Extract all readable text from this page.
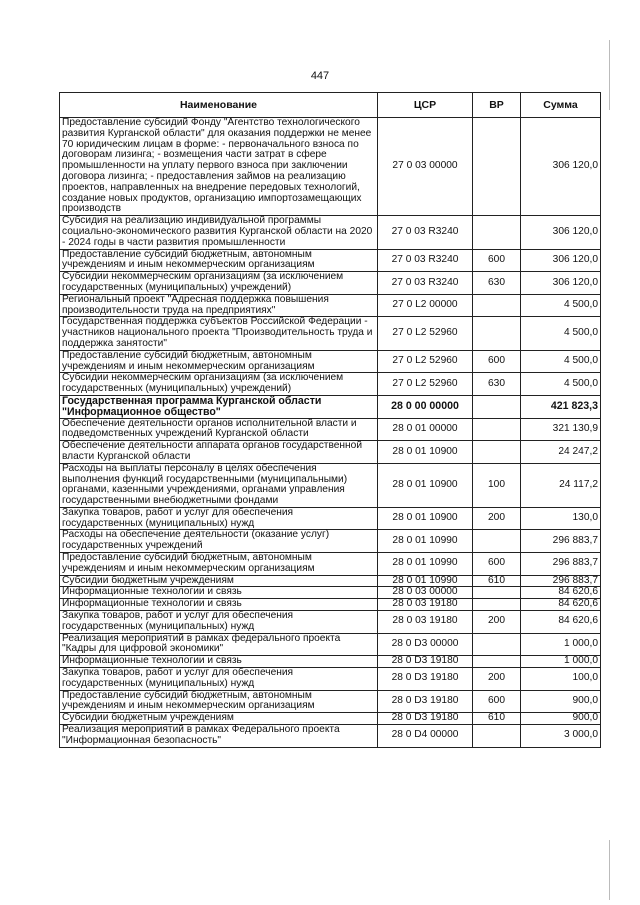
447
Наименование	ЦСР	ВР	Сумма
Предоставление субсидий Фонду "Агентство технологического развития Курганской области" для оказания поддержки не менее 70 юридическим лицам в форме: - первоначального взноса по договорам лизинга; - возмещения части затрат в сфере промышленности на уплату первого взноса при заключении договора лизинга; - предоставления займов на реализацию проектов, направленных на внедрение передовых технологий, создание новых продуктов, организацию импортозамещающих производств	27 0 03 00000		306 120,0
Субсидия на реализацию индивидуальной программы социально-экономического развития Курганской области на 2020 - 2024 годы в части развития промышленности	27 0 03 R3240		306 120,0
Предоставление субсидий бюджетным, автономным учреждениям и иным некоммерческим организациям	27 0 03 R3240	600	306 120,0
Субсидии некоммерческим организациям (за исключением государственных (муниципальных) учреждений)	27 0 03 R3240	630	306 120,0
Региональный проект "Адресная поддержка повышения производительности труда на предприятиях"	27 0 L2 00000		4 500,0
Государственная поддержка субъектов Российской Федерации - участников национального проекта "Производительность труда и поддержка занятости"	27 0 L2 52960		4 500,0
Предоставление субсидий бюджетным, автономным учреждениям и иным некоммерческим организациям	27 0 L2 52960	600	4 500,0
Субсидии некоммерческим организациям (за исключением государственных (муниципальных) учреждений)	27 0 L2 52960	630	4 500,0
Государственная программа Курганской области "Информационное общество"	28 0 00 00000		421 823,3
Обеспечение деятельности органов исполнительной власти и подведомственных учреждений Курганской области	28 0 01 00000		321 130,9
Обеспечение деятельности аппарата органов государственной власти Курганской области	28 0 01 10900		24 247,2
Расходы на выплаты персоналу в целях обеспечения выполнения функций государственными (муниципальными) органами, казенными учреждениями, органами управления государственными внебюджетными фондами	28 0 01 10900	100	24 117,2
Закупка товаров, работ и услуг для обеспечения государственных (муниципальных) нужд	28 0 01 10900	200	130,0
Расходы на обеспечение деятельности (оказание услуг) государственных учреждений	28 0 01 10990		296 883,7
Предоставление субсидий бюджетным, автономным учреждениям и иным некоммерческим организациям	28 0 01 10990	600	296 883,7
Субсидии бюджетным учреждениям	28 0 01 10990	610	296 883,7
Информационные технологии и связь	28 0 03 00000		84 620,6
Информационные технологии и связь	28 0 03 19180		84 620,6
Закупка товаров, работ и услуг для обеспечения государственных (муниципальных) нужд	28 0 03 19180	200	84 620,6
Реализация мероприятий в рамках федерального проекта "Кадры для цифровой экономики"	28 0 D3 00000		1 000,0
Информационные технологии и связь	28 0 D3 19180		1 000,0
Закупка товаров, работ и услуг для обеспечения государственных (муниципальных) нужд	28 0 D3 19180	200	100,0
Предоставление субсидий бюджетным, автономным учреждениям и иным некоммерческим организациям	28 0 D3 19180	600	900,0
Субсидии бюджетным учреждениям	28 0 D3 19180	610	900,0
Реализация мероприятий в рамках Федерального проекта "Информационная безопасность"	28 0 D4 00000		3 000,0
